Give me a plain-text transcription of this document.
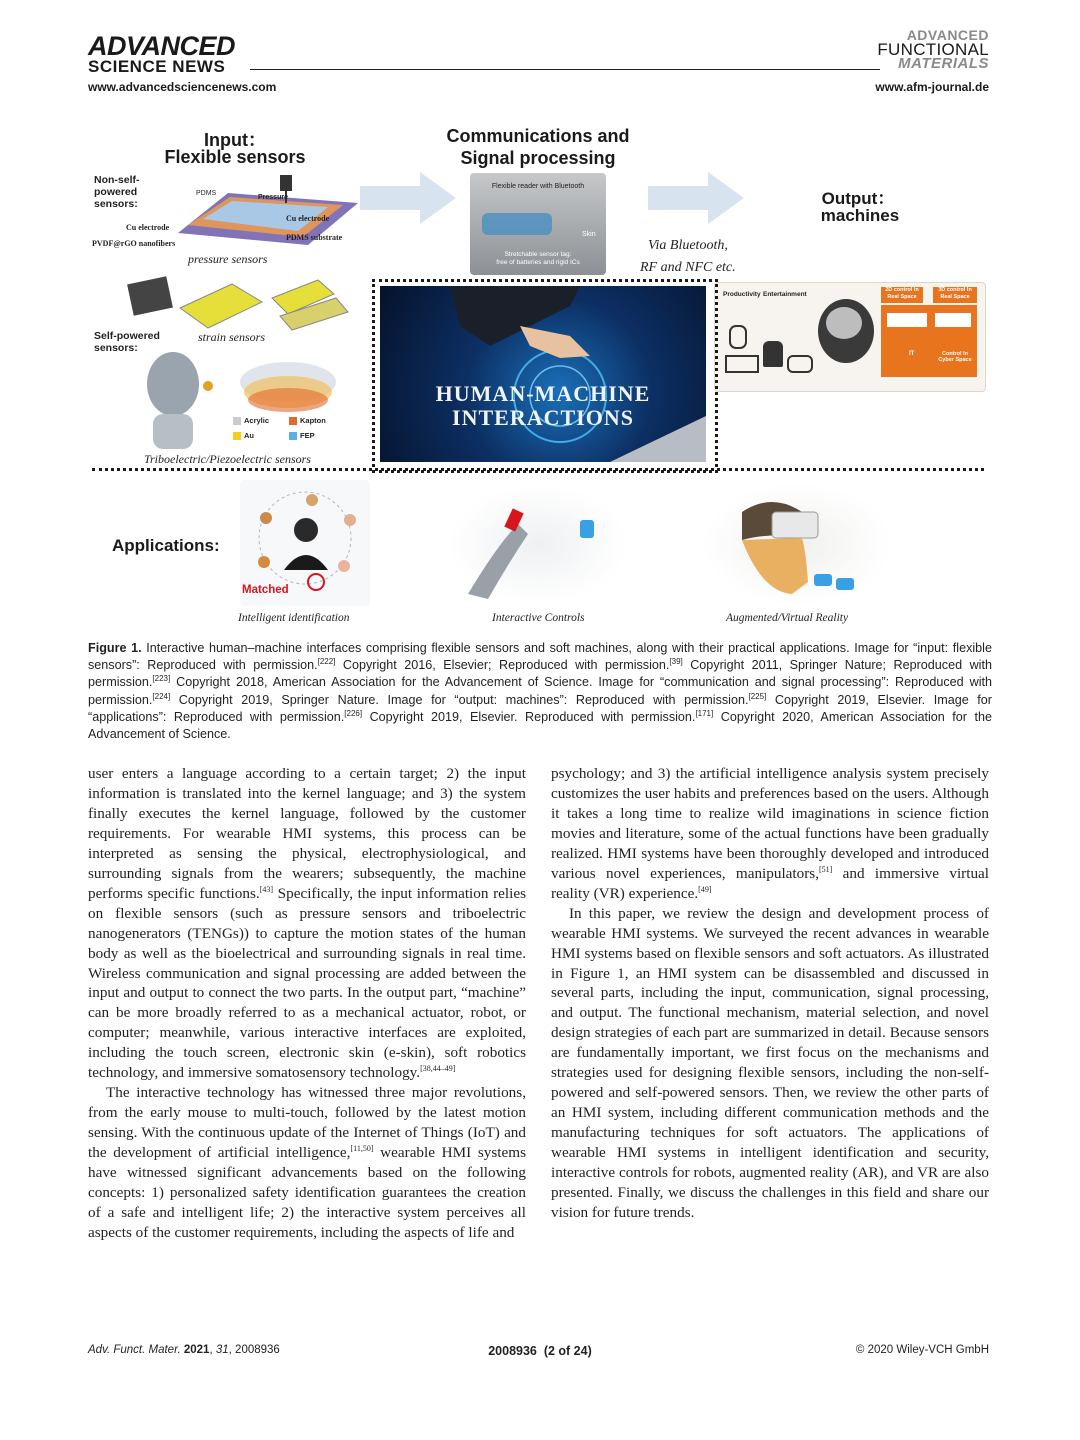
ADVANCED
SCIENCE NEWS
www.advancedsciencenews.com
ADVANCED
FUNCTIONAL
MATERIALS
www.afm-journal.de
Input：
Flexible sensors
Non-self-powered sensors:
PDMS
Pressure
Cu electrode
Cu electrode
PVDF@rGO nanofibers
PDMS substrate
pressure sensors
strain sensors
Self-powered sensors:
Acrylic	Kapton
Au	FEP
Triboelectric/Piezoelectric sensors
Communications and
Signal processing
Flexible reader with Bluetooth
Skin
Stretchable sensor tag:
free of batteries and rigid ICs
Via Bluetooth,
RF and NFC etc.
Output：
machines
Productivity Entertainment
2D control In Real Space
3D control In Real Space
IT	Control In Cyber Space
HUMAN-MACHINE
INTERACTIONS
Applications:
Matched
Intelligent identification	Interactive Controls	Augmented/Virtual Reality
Figure 1. Interactive human–machine interfaces comprising flexible sensors and soft machines, along with their practical applications. Image for “input: flexible sensors”: Reproduced with permission.[222] Copyright 2016, Elsevier; Reproduced with permission.[39] Copyright 2011, Springer Nature; Reproduced with permission.[223] Copyright 2018, American Association for the Advancement of Science. Image for “communication and signal processing”: Reproduced with permission.[224] Copyright 2019, Springer Nature. Image for “output: machines”: Reproduced with permission.[225] Copyright 2019, Elsevier. Image for “applications”: Reproduced with permission.[226] Copyright 2019, Elsevier. Reproduced with permission.[171] Copyright 2020, American Association for the Advancement of Science.

user enters a language according to a certain target; 2) the input information is translated into the kernel language; and 3) the system finally executes the kernel language, followed by the customer requirements. For wearable HMI systems, this process can be interpreted as sensing the physical, electrophysiological, and surrounding signals from the wearers; subsequently, the machine performs specific functions.[43] Specifically, the input information relies on flexible sensors (such as pressure sensors and triboelectric nanogenerators (TENGs)) to capture the motion states of the human body as well as the bioelectrical and surrounding signals in real time. Wireless communication and signal processing are added between the input and output to connect the two parts. In the output part, “machine” can be more broadly referred to as a mechanical actuator, robot, or computer; meanwhile, various interactive interfaces are exploited, including the touch screen, electronic skin (e-skin), soft robotics technology, and immersive somatosensory technology.[38,44–49]

The interactive technology has witnessed three major revolutions, from the early mouse to multi-touch, followed by the latest motion sensing. With the continuous update of the Internet of Things (IoT) and the development of artificial intelligence,[11,50] wearable HMI systems have witnessed significant advancements based on the following concepts: 1) personalized safety identification guarantees the creation of a safe and intelligent life; 2) the interactive system perceives all aspects of the customer requirements, including the aspects of life and

psychology; and 3) the artificial intelligence analysis system precisely customizes the user habits and preferences based on the users. Although it takes a long time to realize wild imaginations in science fiction movies and literature, some of the actual functions have been gradually realized. HMI systems have been thoroughly developed and introduced various novel experiences, manipulators,[51] and immersive virtual reality (VR) experience.[49]

In this paper, we review the design and development process of wearable HMI systems. We surveyed the recent advances in wearable HMI systems based on flexible sensors and soft actuators. As illustrated in Figure 1, an HMI system can be disassembled and discussed in several parts, including the input, communication, signal processing, and output. The functional mechanism, material selection, and novel design strategies of each part are summarized in detail. Because sensors are fundamentally important, we first focus on the mechanisms and strategies used for designing flexible sensors, including the non-self-powered and self-powered sensors. Then, we review the other parts of an HMI system, including different communication methods and the manufacturing techniques for soft actuators. The applications of wearable HMI systems in intelligent identification and security, interactive controls for robots, augmented reality (AR), and VR are also presented. Finally, we discuss the challenges in this field and share our vision for future trends.

Adv. Funct. Mater. 2021, 31, 2008936	2008936  (2 of 24)	© 2020 Wiley-VCH GmbH
